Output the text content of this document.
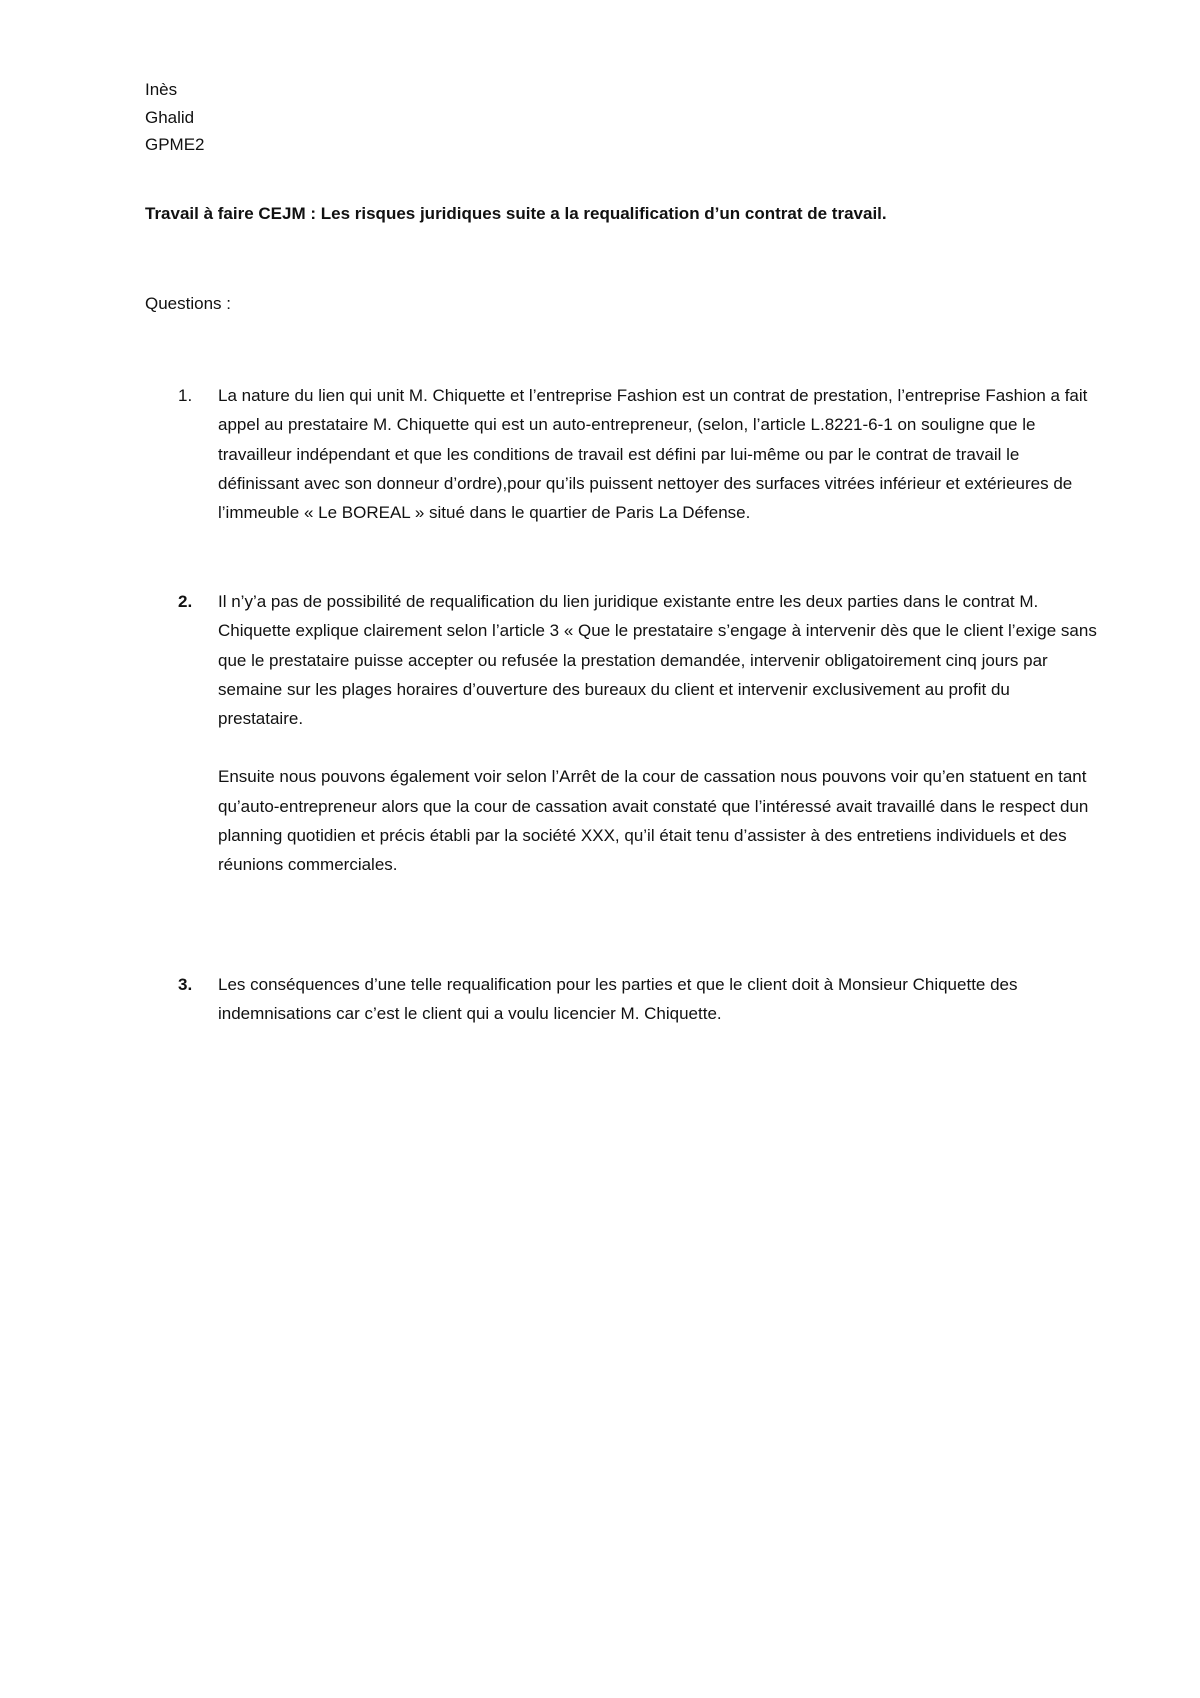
Inès
Ghalid
GPME2
Travail à faire CEJM : Les risques juridiques suite a la requalification d’un contrat de travail.
Questions :
1. La nature du lien qui unit M. Chiquette et l’entreprise Fashion est un contrat de prestation, l’entreprise Fashion a fait appel au prestataire M. Chiquette qui est un auto-entrepreneur, (selon, l’article L.8221-6-1 on souligne que le travailleur indépendant et que les conditions de travail est défini par lui-même ou par le contrat de travail le définissant avec son donneur d’ordre),pour qu’ils puissent nettoyer des surfaces vitrées inférieur et extérieures de l’immeuble « Le BOREAL » situé dans le quartier de Paris La Défense.

2. Il n’y’a pas de possibilité de requalification du lien juridique existante entre les deux parties dans le contrat M. Chiquette explique clairement selon l’article 3 « Que le prestataire s’engage à intervenir dès que le client l’exige sans que le prestataire puisse accepter ou refusée la prestation demandée, intervenir obligatoirement cinq jours par semaine sur les plages horaires d’ouverture des bureaux du client et intervenir exclusivement au profit du prestataire.

Ensuite nous pouvons également voir selon l’Arrêt de la cour de cassation nous pouvons voir qu’en statuent en tant qu’auto-entrepreneur alors que la cour de cassation avait constaté que l’intéressé avait travaillé dans le respect dun planning quotidien et précis établi par la société XXX, qu’il était tenu d’assister à des entretiens individuels et des réunions commerciales.

3. Les conséquences d’une telle requalification pour les parties et que le client doit à Monsieur Chiquette des indemnisations car c’est le client qui a voulu licencier M. Chiquette.
